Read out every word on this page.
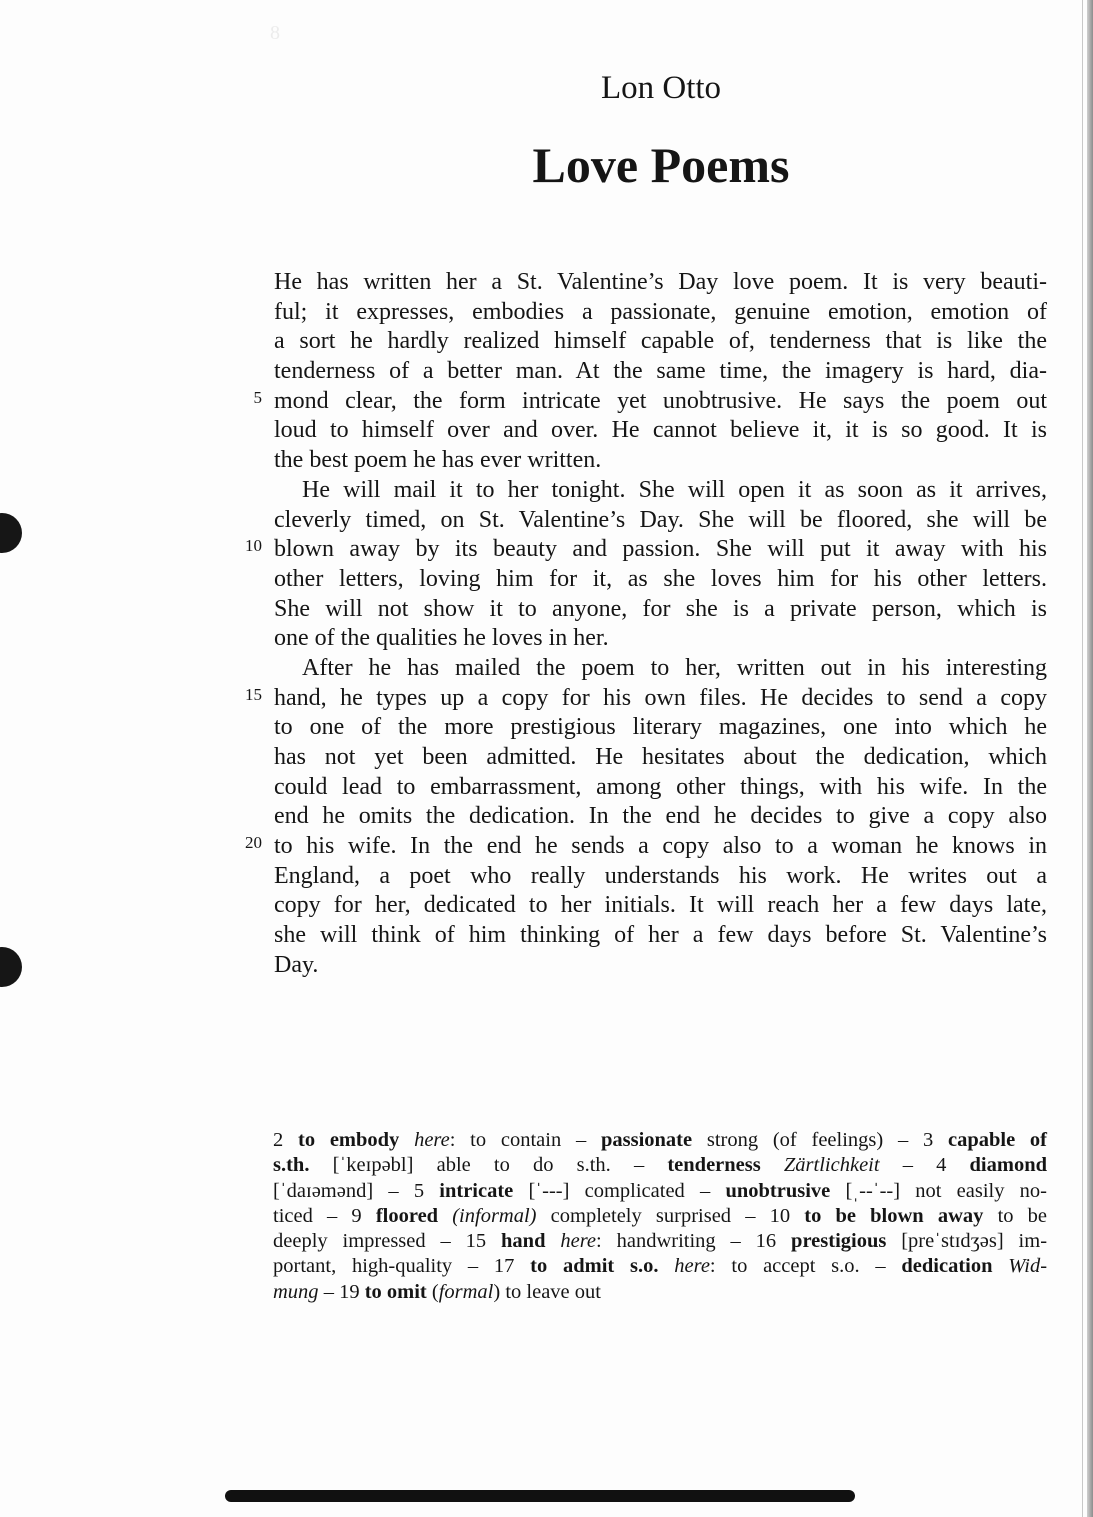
8
Lon Otto
Love Poems
He has written her a St. Valentine’s Day love poem. It is very beauti-
ful; it expresses, embodies a passionate, genuine emotion, emotion of
a sort he hardly realized himself capable of, tenderness that is like the
tenderness of a better man. At the same time, the imagery is hard, dia-
mond clear, the form intricate yet unobtrusive. He says the poem out
5
loud to himself over and over. He cannot believe it, it is so good. It is
the best poem he has ever written.
He will mail it to her tonight. She will open it as soon as it arrives,
cleverly timed, on St. Valentine’s Day. She will be floored, she will be
blown away by its beauty and passion. She will put it away with his
10
other letters, loving him for it, as she loves him for his other letters.
She will not show it to anyone, for she is a private person, which is
one of the qualities he loves in her.
After he has mailed the poem to her, written out in his interesting
hand, he types up a copy for his own files. He decides to send a copy
15
to one of the more prestigious literary magazines, one into which he
has not yet been admitted. He hesitates about the dedication, which
could lead to embarrassment, among other things, with his wife. In the
end he omits the dedication. In the end he decides to give a copy also
to his wife. In the end he sends a copy also to a woman he knows in
20
England, a poet who really understands his work. He writes out a
copy for her, dedicated to her initials. It will reach her a few days late,
she will think of him thinking of her a few days before St. Valentine’s
Day.
2 to embody here: to contain – passionate strong (of feelings) – 3 capable of
s.th. [ˈkeɪpəbl] able to do s.th. – tenderness Zärtlichkeit – 4 diamond
[ˈdaɪəmənd] – 5 intricate [ˈ---] complicated – unobtrusive [ˌ--ˈ--] not easily no-
ticed – 9 floored (informal) completely surprised – 10 to be blown away to be
deeply impressed – 15 hand here: handwriting – 16 prestigious [preˈstɪdʒəs] im-
portant, high-quality – 17 to admit s.o. here: to accept s.o. – dedication Wid-
mung – 19 to omit (formal) to leave out
